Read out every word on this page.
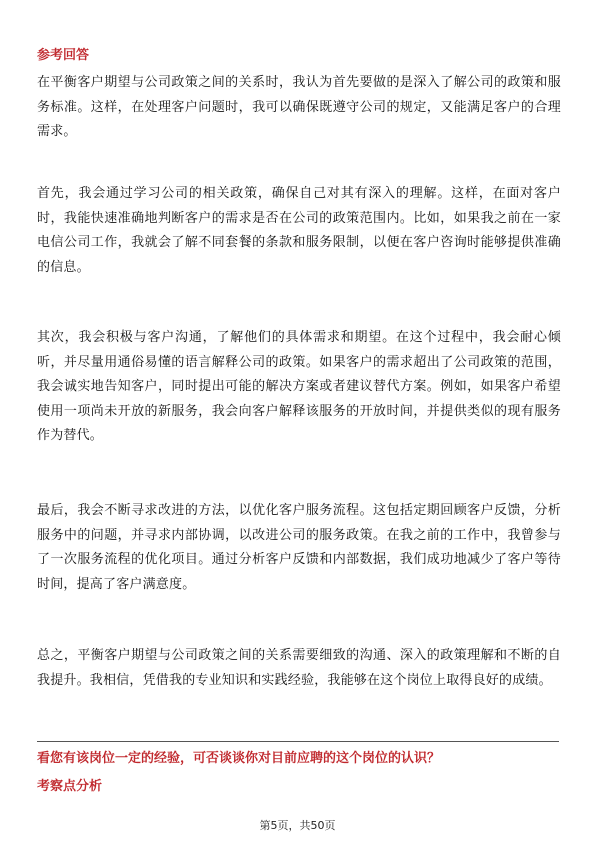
参考回答
在平衡客户期望与公司政策之间的关系时，我认为首先要做的是深入了解公司的政策和服务标准。这样，在处理客户问题时，我可以确保既遵守公司的规定，又能满足客户的合理需求。
首先，我会通过学习公司的相关政策，确保自己对其有深入的理解。这样，在面对客户时，我能快速准确地判断客户的需求是否在公司的政策范围内。比如，如果我之前在一家电信公司工作，我就会了解不同套餐的条款和服务限制，以便在客户咨询时能够提供准确的信息。
其次，我会积极与客户沟通，了解他们的具体需求和期望。在这个过程中，我会耐心倾听，并尽量用通俗易懂的语言解释公司的政策。如果客户的需求超出了公司政策的范围，我会诚实地告知客户，同时提出可能的解决方案或者建议替代方案。例如，如果客户希望使用一项尚未开放的新服务，我会向客户解释该服务的开放时间，并提供类似的现有服务作为替代。
最后，我会不断寻求改进的方法，以优化客户服务流程。这包括定期回顾客户反馈，分析服务中的问题，并寻求内部协调，以改进公司的服务政策。在我之前的工作中，我曾参与了一次服务流程的优化项目。通过分析客户反馈和内部数据，我们成功地减少了客户等待时间，提高了客户满意度。
总之，平衡客户期望与公司政策之间的关系需要细致的沟通、深入的政策理解和不断的自我提升。我相信，凭借我的专业知识和实践经验，我能够在这个岗位上取得良好的成绩。
看您有该岗位一定的经验，可否谈谈你对目前应聘的这个岗位的认识？
考察点分析
第5页，共50页
